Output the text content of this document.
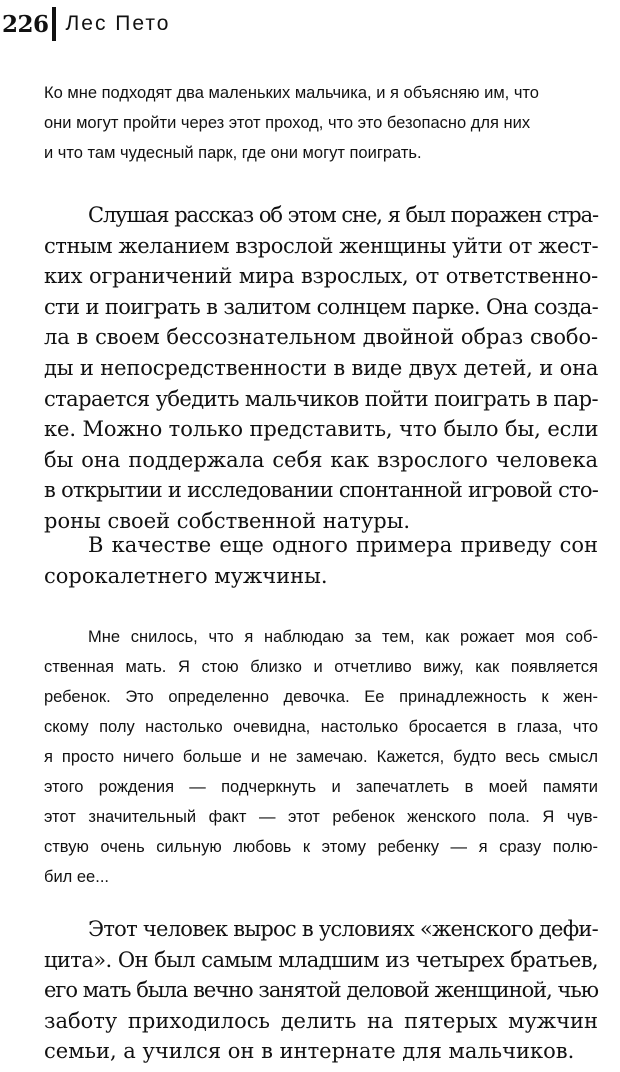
226 Лес Пето
Ко мне подходят два маленьких мальчика, и я объясняю им, что
они могут пройти через этот проход, что это безопасно для них
и что там чудесный парк, где они могут поиграть.
Слушая рассказ об этом сне, я был поражен стра-
стным желанием взрослой женщины уйти от жест-
ких ограничений мира взрослых, от ответственно-
сти и поиграть в залитом солнцем парке. Она созда-
ла в своем бессознательном двойной образ свобо-
ды и непосредственности в виде двух детей, и она
старается убедить мальчиков пойти поиграть в пар-
ке. Можно только представить, что было бы, если
бы она поддержала себя как взрослого человека
в открытии и исследовании спонтанной игровой сто-
роны своей собственной натуры.
В качестве еще одного примера приведу сон
сорокалетнего мужчины.
Мне снилось, что я наблюдаю за тем, как рожает моя соб-
ственная мать. Я стою близко и отчетливо вижу, как появляется
ребенок. Это определенно девочка. Ее принадлежность к жен-
скому полу настолько очевидна, настолько бросается в глаза, что
я просто ничего больше и не замечаю. Кажется, будто весь смысл
этого рождения — подчеркнуть и запечатлеть в моей памяти
этот значительный факт — этот ребенок женского пола. Я чув-
ствую очень сильную любовь к этому ребенку — я сразу полю-
бил ее...
Этот человек вырос в условиях «женского дефи-
цита». Он был самым младшим из четырех братьев,
его мать была вечно занятой деловой женщиной, чью
заботу приходилось делить на пятерых мужчин
семьи, а учился он в интернате для мальчиков.
